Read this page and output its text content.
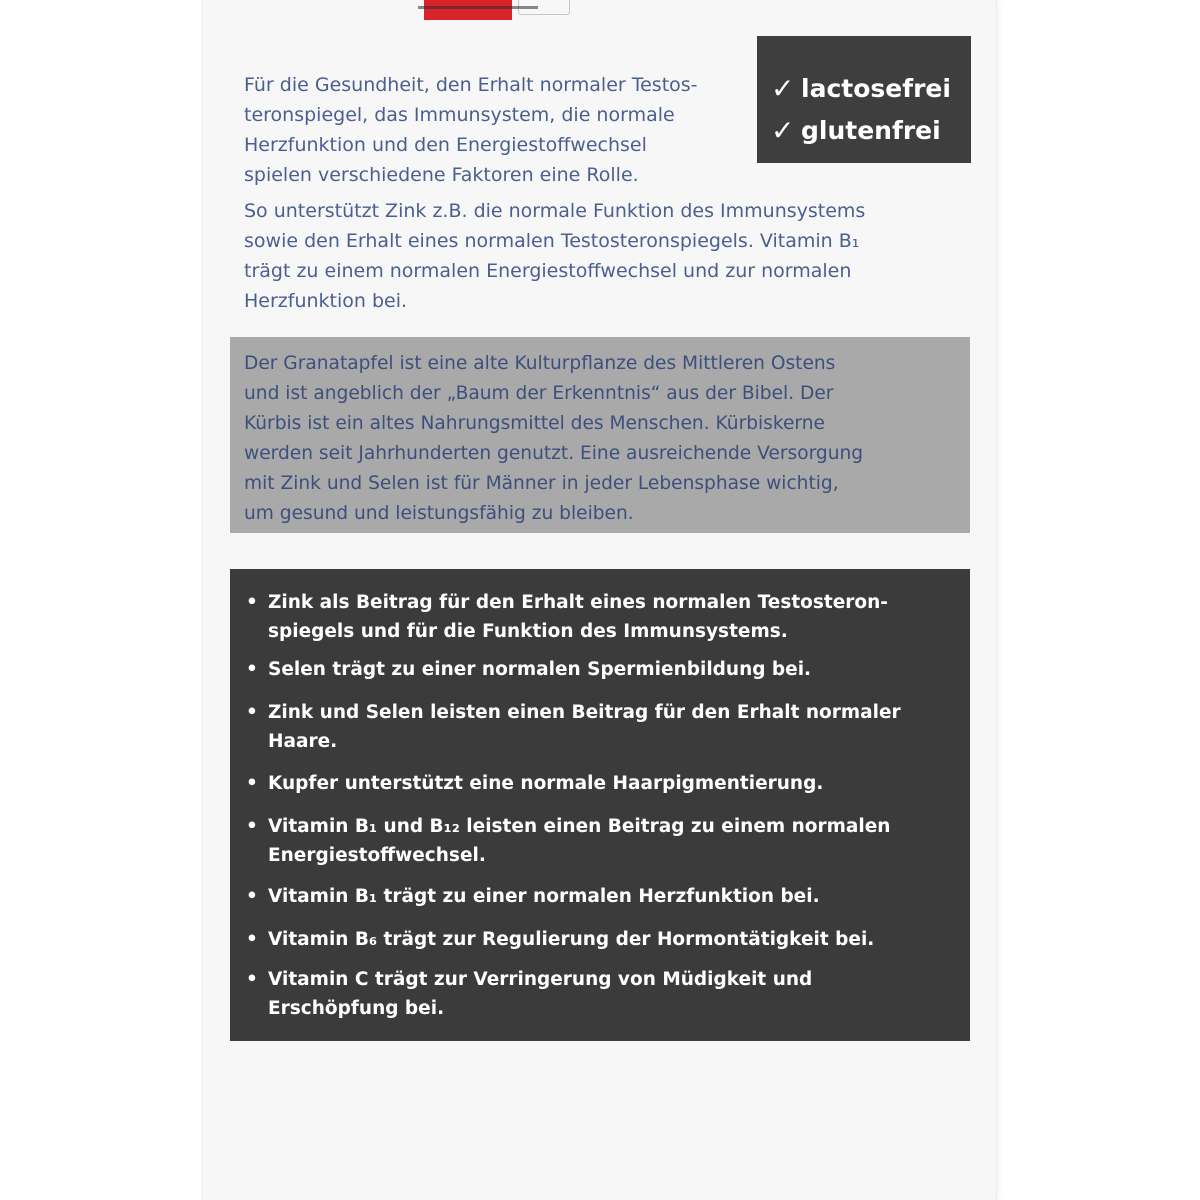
Für die Gesundheit, den Erhalt normaler Testos-
teronspiegel, das Immunsystem, die normale
Herzfunktion und den Energiestoffwechsel
spielen verschiedene Faktoren eine Rolle.

So unterstützt Zink z.B. die normale Funktion des Immunsystems
sowie den Erhalt eines normalen Testosteronspiegels. Vitamin B₁
trägt zu einem normalen Energiestoffwechsel und zur normalen
Herzfunktion bei.

✓ lactosefrei
✓ glutenfrei

Der Granatapfel ist eine alte Kulturpflanze des Mittleren Ostens
und ist angeblich der „Baum der Erkenntnis“ aus der Bibel. Der
Kürbis ist ein altes Nahrungsmittel des Menschen. Kürbiskerne
werden seit Jahrhunderten genutzt. Eine ausreichende Versorgung
mit Zink und Selen ist für Männer in jeder Lebensphase wichtig,
um gesund und leistungsfähig zu bleiben.

• Zink als Beitrag für den Erhalt eines normalen Testosteron-
spiegels und für die Funktion des Immunsystems.
• Selen trägt zu einer normalen Spermienbildung bei.
• Zink und Selen leisten einen Beitrag für den Erhalt normaler
Haare.
• Kupfer unterstützt eine normale Haarpigmentierung.
• Vitamin B₁ und B₁₂ leisten einen Beitrag zu einem normalen
Energiestoffwechsel.
• Vitamin B₁ trägt zu einer normalen Herzfunktion bei.
• Vitamin B₆ trägt zur Regulierung der Hormontätigkeit bei.
• Vitamin C trägt zur Verringerung von Müdigkeit und
Erschöpfung bei.
